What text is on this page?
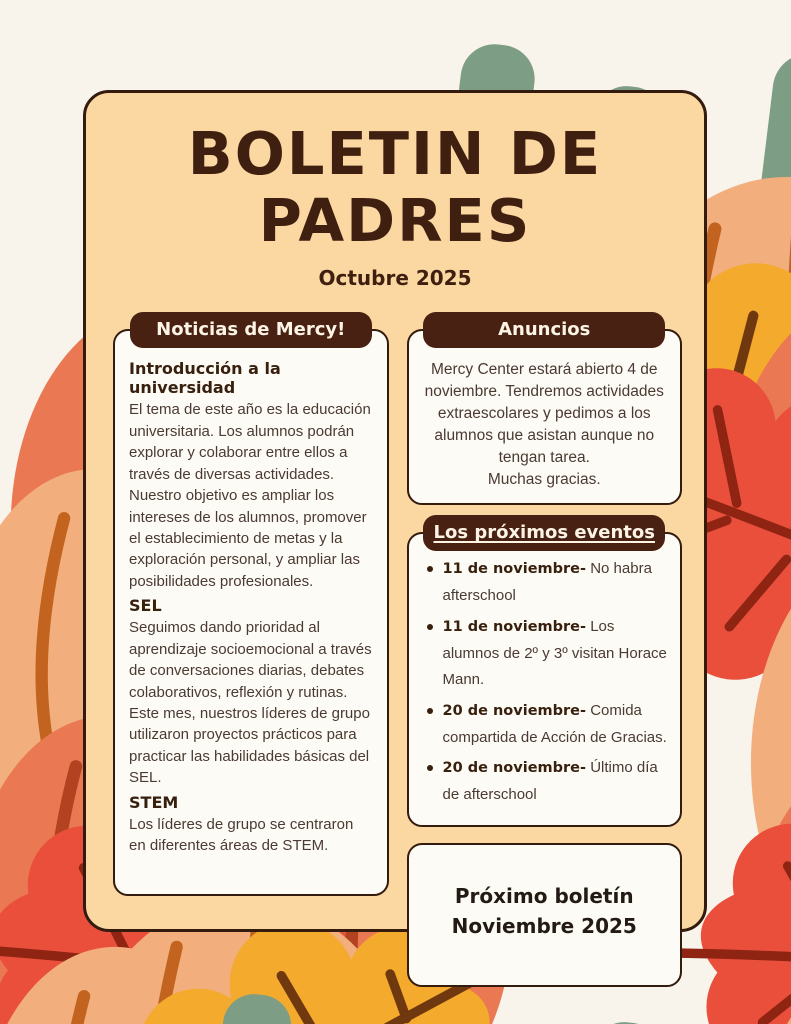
BOLETIN DE
PADRES
Octubre 2025
Noticias de Mercy!

Introducción a la universidad

El tema de este año es la educación universitaria. Los alumnos podrán explorar y colaborar entre ellos a través de diversas actividades. Nuestro objetivo es ampliar los intereses de los alumnos, promover el establecimiento de metas y la exploración personal, y ampliar las posibilidades profesionales.

SEL

Seguimos dando prioridad al aprendizaje socioemocional a través de conversaciones diarias, debates colaborativos, reflexión y rutinas. Este mes, nuestros líderes de grupo utilizaron proyectos prácticos para practicar las habilidades básicas del SEL.

STEM

Los líderes de grupo se centraron en diferentes áreas de STEM.

Anuncios

Mercy Center estará abierto 4 de noviembre. Tendremos actividades extraescolares y pedimos a los alumnos que asistan aunque no tengan tarea.

Muchas gracias.

Los próximos eventos

11 de noviembre- No habra afterschool

11 de noviembre- Los alumnos de 2º y 3º visitan Horace Mann.

20 de noviembre- Comida compartida de Acción de Gracias.

20 de noviembre- Último día de afterschool

Próximo boletín
Noviembre 2025
